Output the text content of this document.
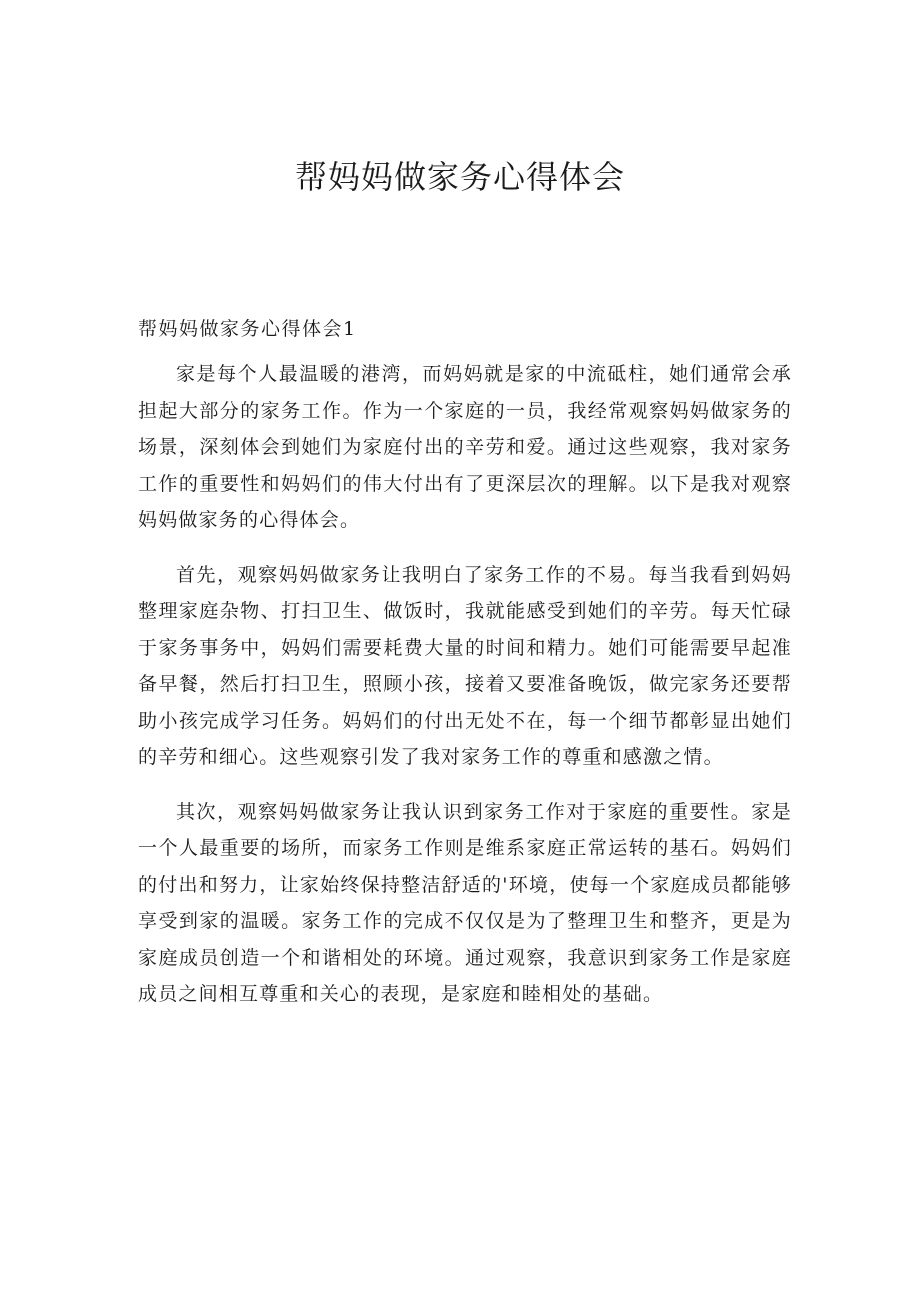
帮妈妈做家务心得体会
帮妈妈做家务心得体会1

家是每个人最温暖的港湾，而妈妈就是家的中流砥柱，她们通常会承担起大部分的家务工作。作为一个家庭的一员，我经常观察妈妈做家务的场景，深刻体会到她们为家庭付出的辛劳和爱。通过这些观察，我对家务工作的重要性和妈妈们的伟大付出有了更深层次的理解。以下是我对观察妈妈做家务的心得体会。

首先，观察妈妈做家务让我明白了家务工作的不易。每当我看到妈妈整理家庭杂物、打扫卫生、做饭时，我就能感受到她们的辛劳。每天忙碌于家务事务中，妈妈们需要耗费大量的时间和精力。她们可能需要早起准备早餐，然后打扫卫生，照顾小孩，接着又要准备晚饭，做完家务还要帮助小孩完成学习任务。妈妈们的付出无处不在，每一个细节都彰显出她们的辛劳和细心。这些观察引发了我对家务工作的尊重和感激之情。

其次，观察妈妈做家务让我认识到家务工作对于家庭的重要性。家是一个人最重要的场所，而家务工作则是维系家庭正常运转的基石。妈妈们的付出和努力，让家始终保持整洁舒适的'环境，使每一个家庭成员都能够享受到家的温暖。家务工作的完成不仅仅是为了整理卫生和整齐，更是为家庭成员创造一个和谐相处的环境。通过观察，我意识到家务工作是家庭成员之间相互尊重和关心的表现，是家庭和睦相处的基础。
